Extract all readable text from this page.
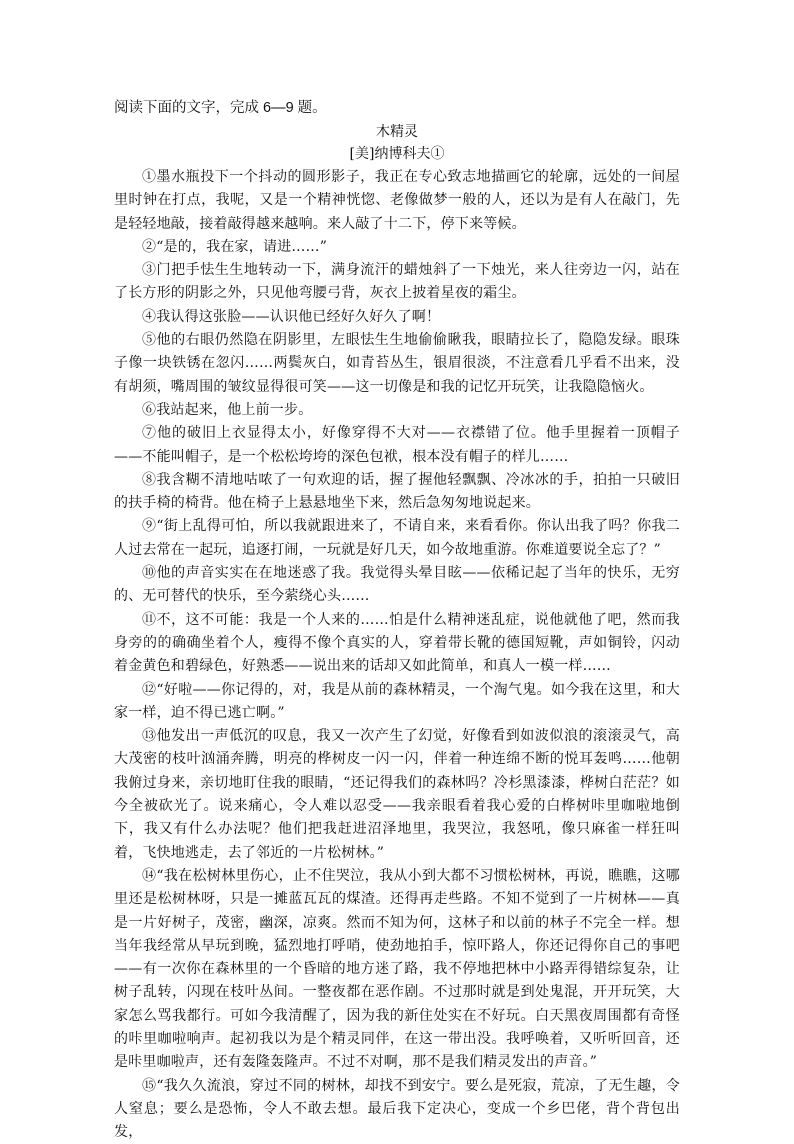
阅读下面的文字，完成 6—9 题。

木精灵

[美]纳博科夫①

①墨水瓶投下一个抖动的圆形影子，我正在专心致志地描画它的轮廓，远处的一间屋里时钟在打点，我呢，又是一个精神恍惚、老像做梦一般的人，还以为是有人在敲门，先是轻轻地敲，接着敲得越来越响。来人敲了十二下，停下来等候。

②“是的，我在家，请进……”

③门把手怯生生地转动一下，满身流汗的蜡烛斜了一下烛光，来人往旁边一闪，站在了长方形的阴影之外，只见他弯腰弓背，灰衣上披着星夜的霜尘。

④我认得这张脸——认识他已经好久好久了啊！

⑤他的右眼仍然隐在阴影里，左眼怯生生地偷偷瞅我，眼睛拉长了，隐隐发绿。眼珠子像一块铁锈在忽闪……两鬓灰白，如青苔丛生，银眉很淡，不注意看几乎看不出来，没有胡须，嘴周围的皱纹显得很可笑——这一切像是和我的记忆开玩笑，让我隐隐恼火。

⑥我站起来，他上前一步。

⑦他的破旧上衣显得太小，好像穿得不大对——衣襟错了位。他手里握着一顶帽子——不能叫帽子，是一个松松垮垮的深色包袱，根本没有帽子的样儿……

⑧我含糊不清地咕哝了一句欢迎的话，握了握他轻飘飘、冷冰冰的手，拍拍一只破旧的扶手椅的椅背。他在椅子上悬悬地坐下来，然后急匆匆地说起来。

⑨“街上乱得可怕，所以我就跟进来了，不请自来，来看看你。你认出我了吗？你我二人过去常在一起玩，追逐打闹，一玩就是好几天，如今故地重游。你难道要说全忘了？”

⑩他的声音实实在在地迷惑了我。我觉得头晕目眩——依稀记起了当年的快乐，无穷的、无可替代的快乐，至今萦绕心头……

⑪不，这不可能：我是一个人来的……怕是什么精神迷乱症，说他就他了吧，然而我身旁的的确确坐着个人，瘦得不像个真实的人，穿着带长靴的德国短靴，声如铜铃，闪动着金黄色和碧绿色，好熟悉——说出来的话却又如此简单，和真人一模一样……

⑫“好啦——你记得的，对，我是从前的森林精灵，一个淘气鬼。如今我在这里，和大家一样，迫不得已逃亡啊。”

⑬他发出一声低沉的叹息，我又一次产生了幻觉，好像看到如波似浪的滚滚灵气，高大茂密的枝叶汹涌奔腾，明亮的桦树皮一闪一闪，伴着一种连绵不断的悦耳轰鸣……他朝我俯过身来，亲切地盯住我的眼睛，“还记得我们的森林吗？冷杉黑漆漆，桦树白茫茫？如今全被砍光了。说来痛心，令人难以忍受——我亲眼看着我心爱的白桦树咔里咖啦地倒下，我又有什么办法呢？他们把我赶进沼泽地里，我哭泣，我怒吼，像只麻雀一样狂叫着，飞快地逃走，去了邻近的一片松树林。”

⑭“我在松树林里伤心，止不住哭泣，我从小到大都不习惯松树林，再说，瞧瞧，这哪里还是松树林呀，只是一摊蓝瓦瓦的煤渣。还得再走些路。不知不觉到了一片树林——真是一片好树子，茂密，幽深，凉爽。然而不知为何，这林子和以前的林子不完全一样。想当年我经常从早玩到晚，猛烈地打呼哨，使劲地拍手，惊吓路人，你还记得你自己的事吧——有一次你在森林里的一个昏暗的地方迷了路，我不停地把林中小路弄得错综复杂，让树子乱转，闪现在枝叶丛间。一整夜都在恶作剧。不过那时就是到处鬼混，开开玩笑，大家怎么骂我都行。可如今我清醒了，因为我的新住处实在不好玩。白天黑夜周围都有奇怪的咔里咖啦响声。起初我以为是个精灵同伴，在这一带出没。我呼唤着，又听听回音，还是咔里咖啦声，还有轰隆轰隆声。不过不对啊，那不是我们精灵发出的声音。”

⑮“我久久流浪，穿过不同的树林，却找不到安宁。要么是死寂，荒凉，了无生趣，令人窒息；要么是恐怖，令人不敢去想。最后我下定决心，变成一个乡巴佬，背个背包出发，
